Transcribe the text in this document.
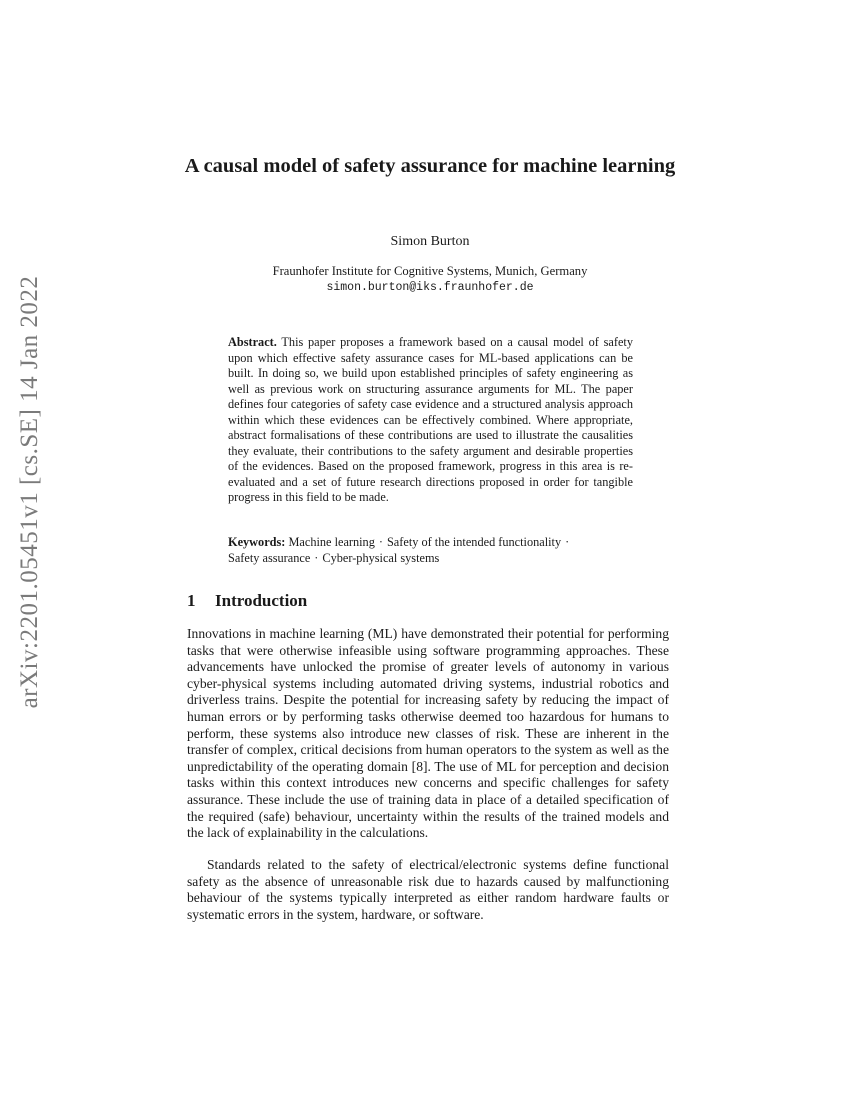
arXiv:2201.05451v1 [cs.SE] 14 Jan 2022
A causal model of safety assurance for machine learning

Simon Burton

Fraunhofer Institute for Cognitive Systems, Munich, Germany

simon.burton@iks.fraunhofer.de

Abstract. This paper proposes a framework based on a causal model of safety upon which effective safety assurance cases for ML-based applications can be built. In doing so, we build upon established principles of safety engineering as well as previous work on structuring assurance arguments for ML. The paper defines four categories of safety case evidence and a structured analysis approach within which these evidences can be effectively combined. Where appropriate, abstract formalisations of these contributions are used to illustrate the causalities they evaluate, their contributions to the safety argument and desirable properties of the evidences. Based on the proposed framework, progress in this area is re-evaluated and a set of future research directions proposed in order for tangible progress in this field to be made.

Keywords: Machine learning · Safety of the intended functionality ·
Safety assurance · Cyber-physical systems

1 Introduction

Innovations in machine learning (ML) have demonstrated their potential for performing tasks that were otherwise infeasible using software programming approaches. These advancements have unlocked the promise of greater levels of autonomy in various cyber-physical systems including automated driving systems, industrial robotics and driverless trains. Despite the potential for increasing safety by reducing the impact of human errors or by performing tasks otherwise deemed too hazardous for humans to perform, these systems also introduce new classes of risk. These are inherent in the transfer of complex, critical decisions from human operators to the system as well as the unpredictability of the operating domain [8]. The use of ML for perception and decision tasks within this context introduces new concerns and specific challenges for safety assurance. These include the use of training data in place of a detailed specification of the required (safe) behaviour, uncertainty within the results of the trained models and the lack of explainability in the calculations.

Standards related to the safety of electrical/electronic systems define functional safety as the absence of unreasonable risk due to hazards caused by malfunctioning behaviour of the systems typically interpreted as either random hardware faults or systematic errors in the system, hardware, or software.
